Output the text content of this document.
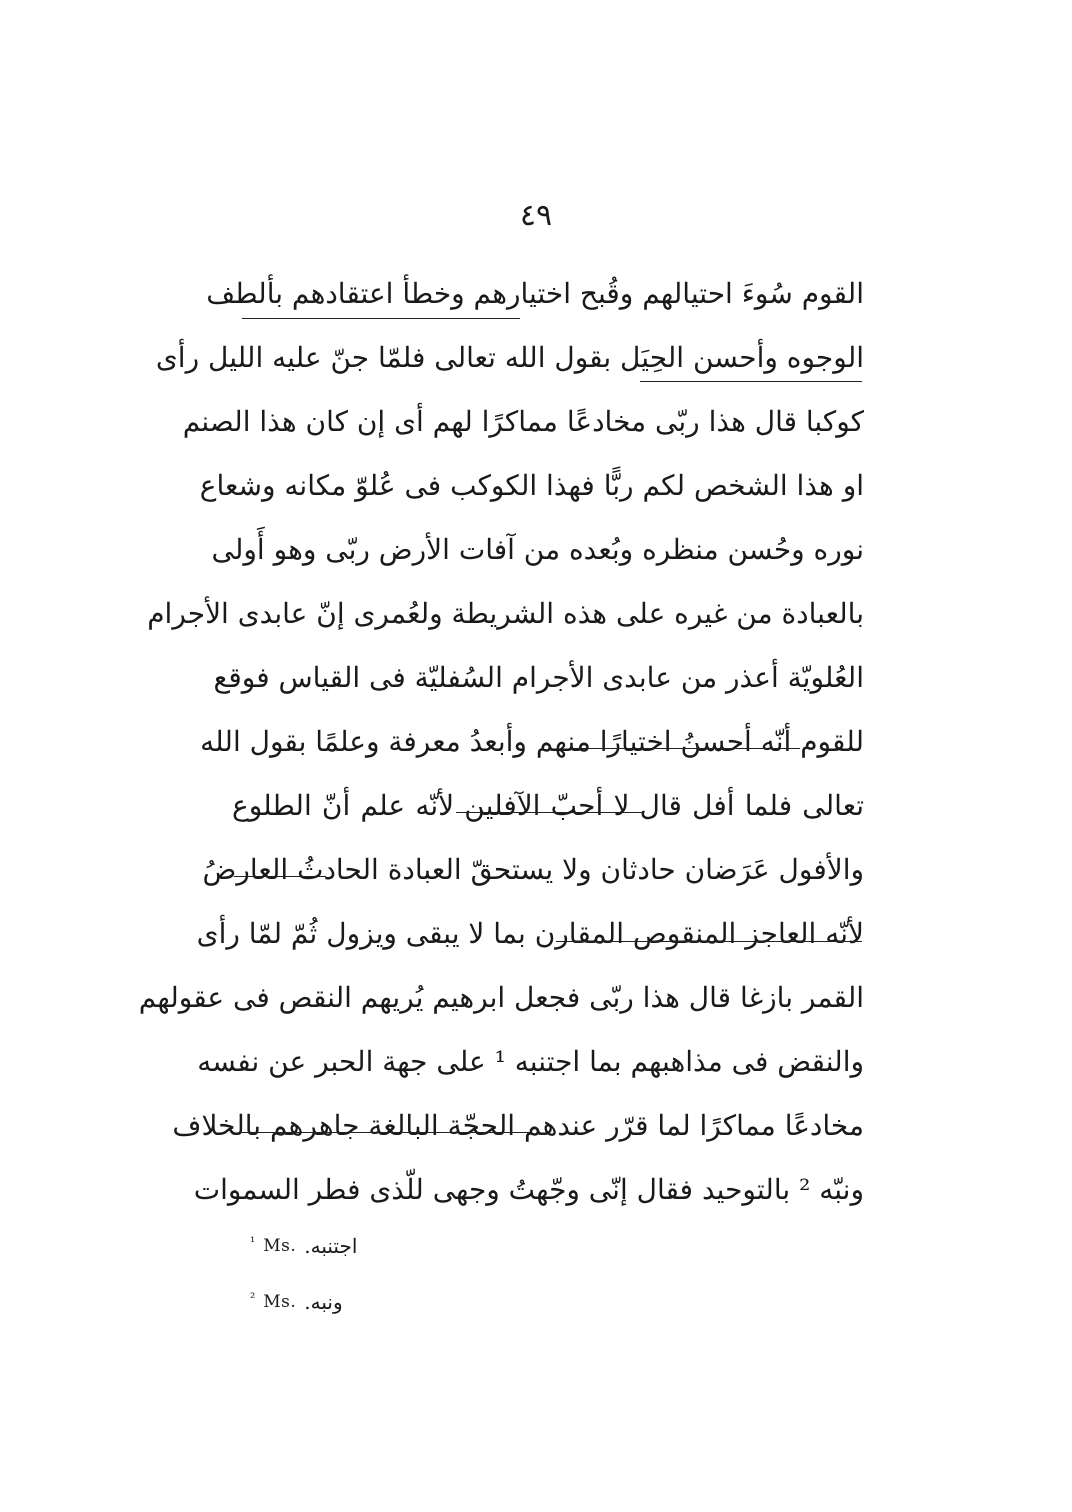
٤٩
القوم سُوءَ احتيالهم وقُبح اختيارهم وخطأ اعتقادهم بألطف
الوجوه وأحسن الحِيَل بقول الله تعالى فلمّا جنّ عليه الليل رأى
كوكبا قال هذا ربّى مخادعًا مماكرًا لهم أى إن كان هذا الصنم
او هذا الشخص لكم ربًّا فهذا الكوكب فى عُلوّ مكانه وشعاع
نوره وحُسن منظره وبُعده من آفات الأرض ربّى وهو أَولى
بالعبادة من غيره على هذه الشريطة ولعُمرى إنّ عابدى الأجرام
العُلويّة أعذر من عابدى الأجرام السُفليّة فى القياس فوقع
للقوم أنّه أحسنُ اختيارًا منهم وأبعدُ معرفة وعلمًا بقول الله
تعالى فلما أفل قال لا أحبّ الآفلين لأنّه علم أنّ الطلوع
والأفول عَرَضان حادثان ولا يستحقّ العبادة الحادثُ العارضُ
لأنّه العاجز المنقوص المقارن بما لا يبقى ويزول ثُمّ لمّا رأى
القمر بازغا قال هذا ربّى فجعل ابرهيم يُريهم النقص فى عقولهم
والنقض فى مذاهبهم بما اجتنبه ¹ على جهة الحبر عن نفسه
مخادعًا مماكرًا لما قرّر عندهم الحجّة البالغة جاهرهم بالخلاف
ونبّه ² بالتوحيد فقال إنّى وجّهتُ وجهى للّذى فطر السموات
¹ Ms. اجتنبه.
² Ms. ونبه.
